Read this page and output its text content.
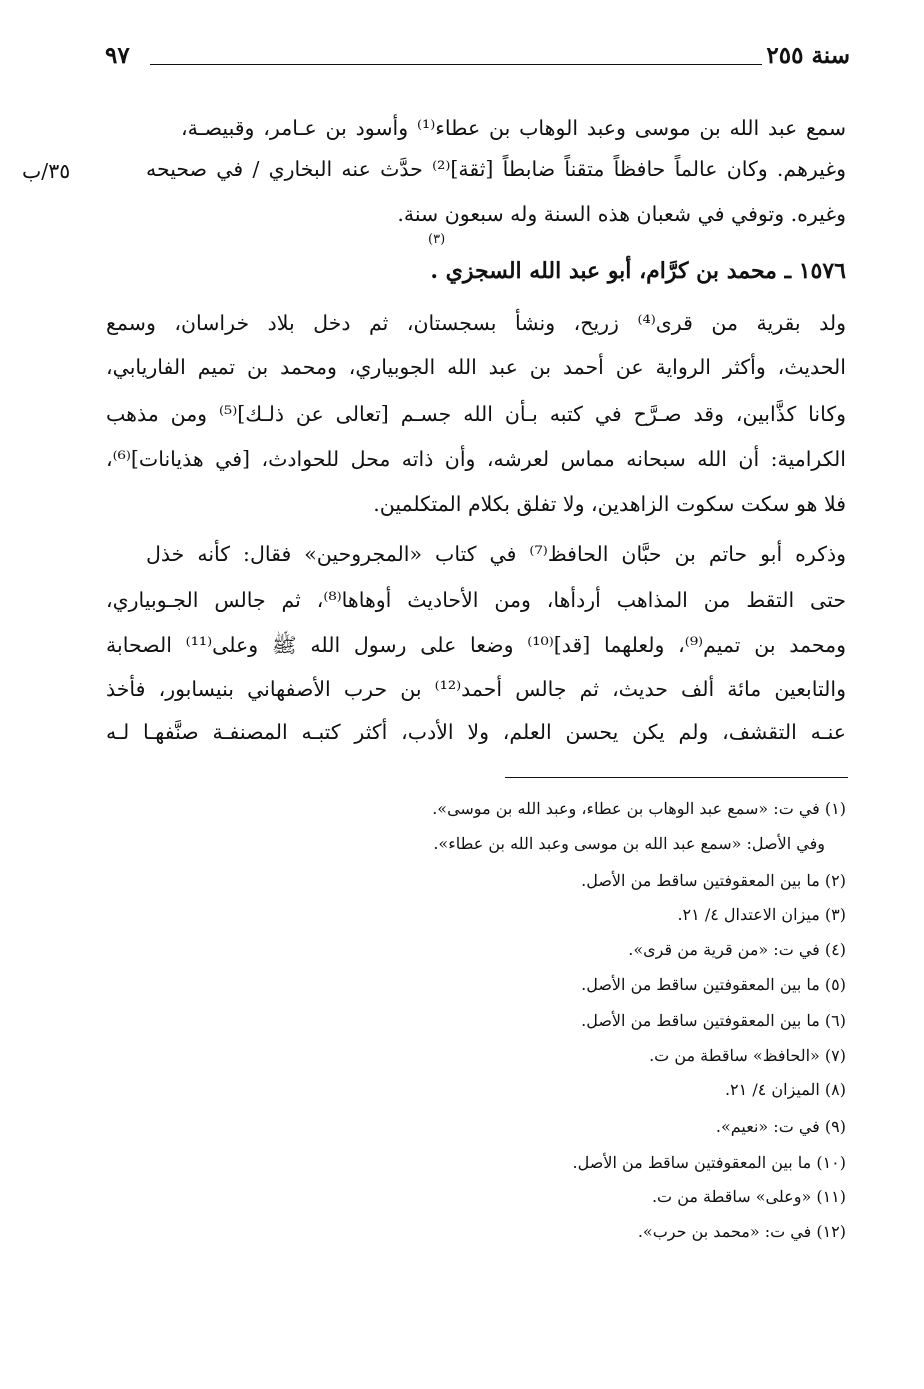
سنة ٢٥٥
٩٧
سمع عبد الله بن موسى وعبد الوهاب بن عطاء⁽¹⁾ وأسود بن عـامر، وقبيصـة،
وغيرهم. وكان عالماً حافظاً متقناً ضابطاً [ثقة]⁽²⁾ حدَّث عنه البخاري / في صحيحه
٣٥/ب
وغيره. وتوفي في شعبان هذه السنة وله سبعون سنة.
(٣)
١٥٧٦ ـ محمد بن كرَّام، أبو عبد الله السجزي .
ولد بقرية من قرى⁽⁴⁾ زريح، ونشأ بسجستان، ثم دخل بلاد خراسان، وسمع
الحديث، وأكثر الرواية عن أحمد بن عبد الله الجوبياري، ومحمد بن تميم الفاريابي،
وكانا كذَّابين، وقد صـرَّح في كتبه بـأن الله جسـم [تعالى عن ذلـك]⁽⁵⁾ ومن مذهب
الكرامية: أن الله سبحانه مماس لعرشه، وأن ذاته محل للحوادث، [في هذيانات]⁽⁶⁾،
فلا هو سكت سكوت الزاهدين، ولا تفلق بكلام المتكلمين.
وذكره أبو حاتم بن حبَّان الحافظ⁽⁷⁾ في كتاب «المجروحين» فقال: كأنه خذل
حتى التقط من المذاهب أردأها، ومن الأحاديث أوهاها⁽⁸⁾، ثم جالس الجـوبياري،
ومحمد بن تميم⁽⁹⁾، ولعلهما [قد]⁽¹⁰⁾ وضعا على رسول الله ﷺ وعلى⁽¹¹⁾ الصحابة
والتابعين مائة ألف حديث، ثم جالس أحمد⁽¹²⁾ بن حرب الأصفهاني بنيسابور، فأخذ
عنـه التقشف، ولم يكن يحسن العلم، ولا الأدب، أكثر كتبـه المصنفـة صنَّفهـا لـه
(١) في ت: «سمع عبد الوهاب بن عطاء، وعبد الله بن موسى».
وفي الأصل: «سمع عبد الله بن موسى وعبد الله بن عطاء».
(٢) ما بين المعقوفتين ساقط من الأصل.
(٣) ميزان الاعتدال ٤/ ٢١.
(٤) في ت: «من قرية من قرى».
(٥) ما بين المعقوفتين ساقط من الأصل.
(٦) ما بين المعقوفتين ساقط من الأصل.
(٧) «الحافظ» ساقطة من ت.
(٨) الميزان ٤/ ٢١.
(٩) في ت: «نعيم».
(١٠) ما بين المعقوفتين ساقط من الأصل.
(١١) «وعلى» ساقطة من ت.
(١٢) في ت: «محمد بن حرب».
